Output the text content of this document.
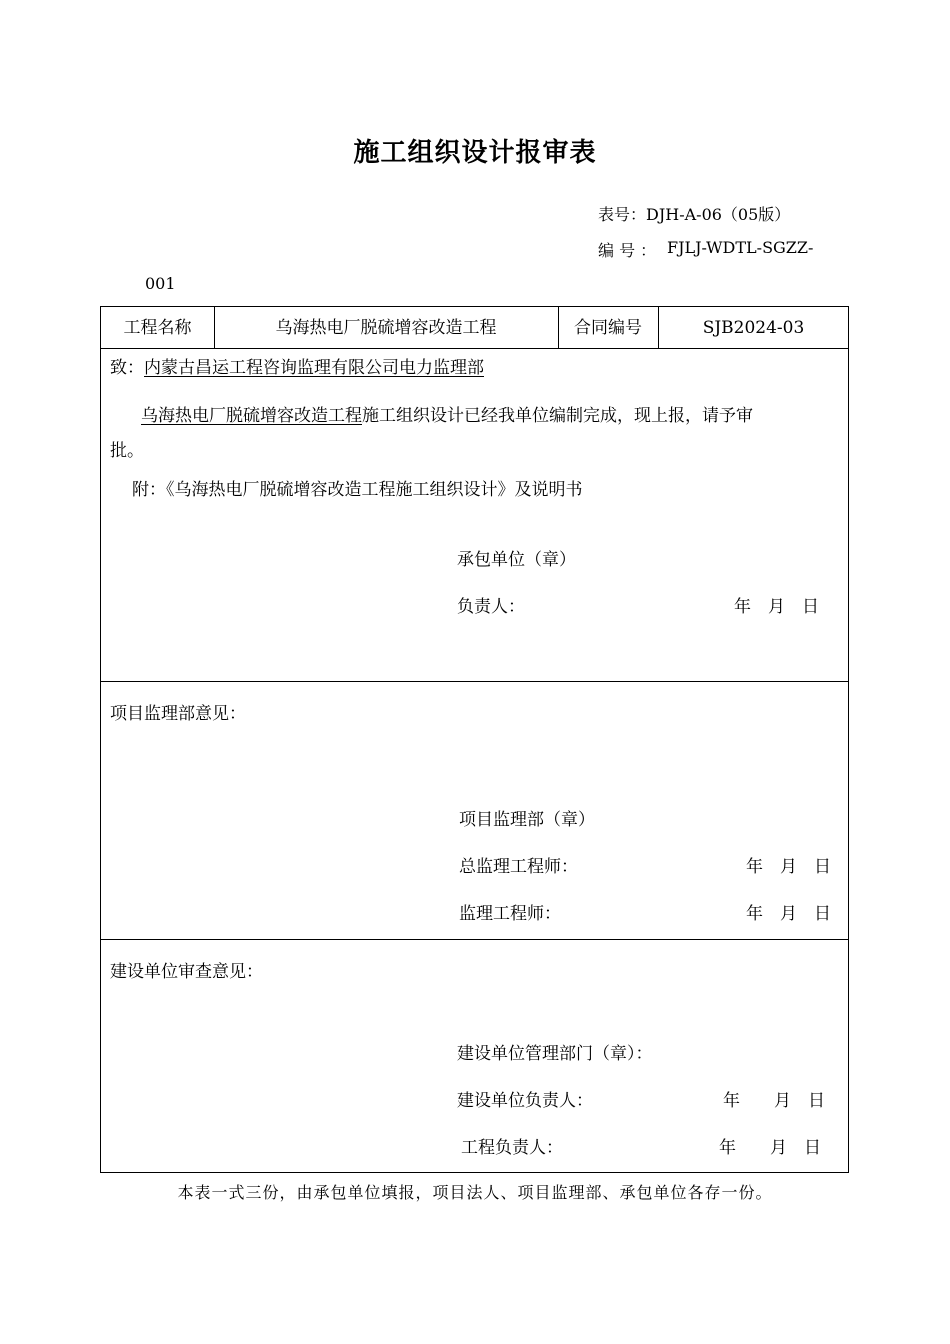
施工组织设计报审表
表号：DJH-A-06（05版）
编 号 ： FJLJ-WDTL-SGZZ-
001
工程名称	乌海热电厂脱硫增容改造工程	合同编号	SJB2024-03
致：内蒙古昌运工程咨询监理有限公司电力监理部
乌海热电厂脱硫增容改造工程施工组织设计已经我单位编制完成，现上报，请予审
批。
附：《乌海热电厂脱硫增容改造工程施工组织设计》及说明书
承包单位（章）
负责人：	年　月　日
项目监理部意见：
项目监理部（章）
总监理工程师：	年　月　日
监理工程师：	年　月　日
建设单位审查意见：
建设单位管理部门（章）：
建设单位负责人：	年　　月　日
工程负责人：	年　　月　日
本表一式三份，由承包单位填报，项目法人、项目监理部、承包单位各存一份。
